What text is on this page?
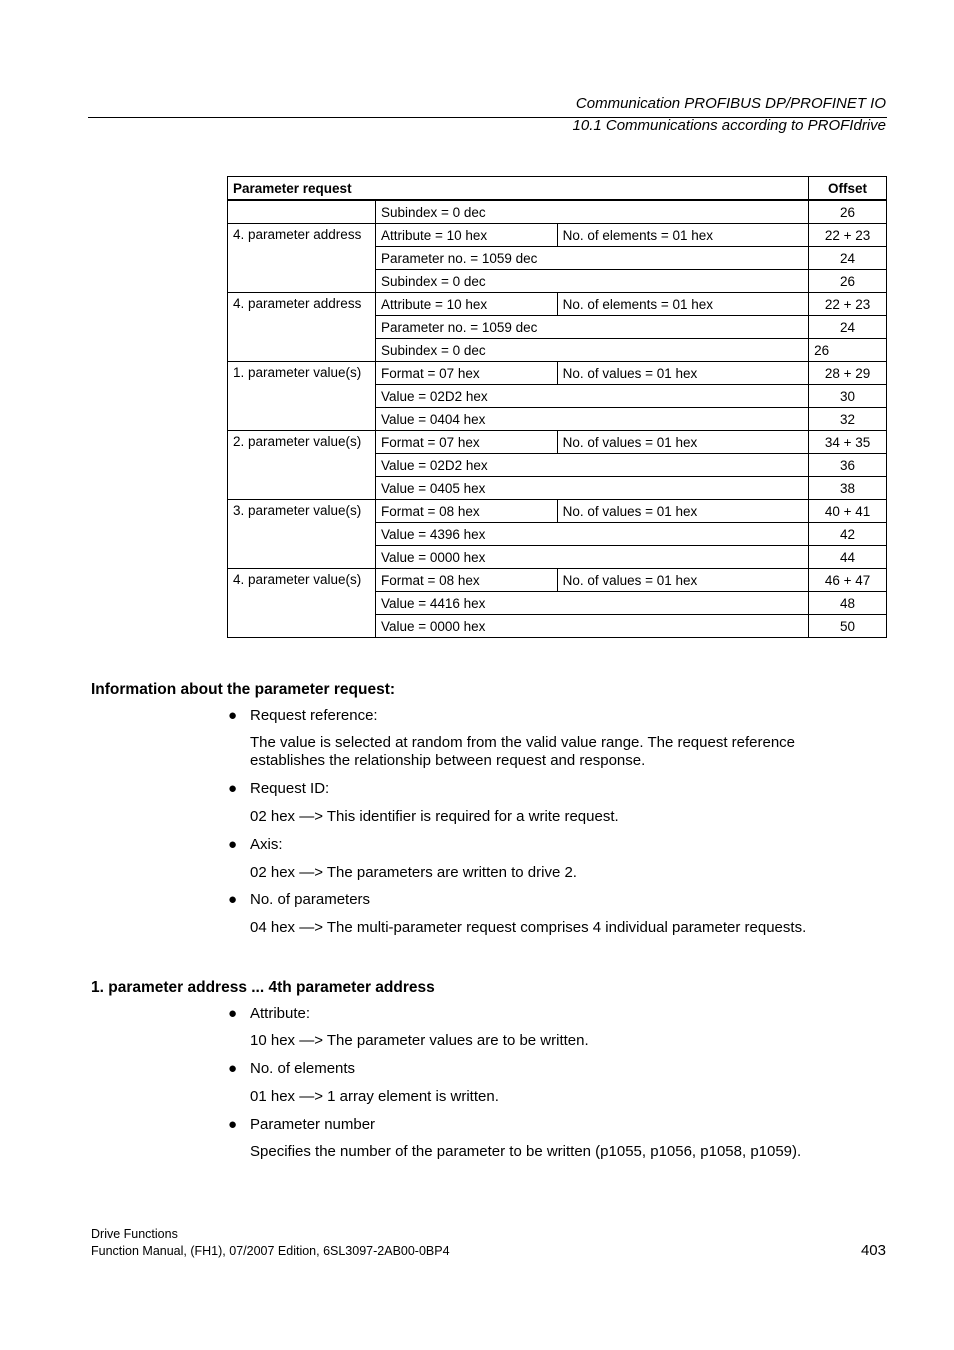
Communication PROFIBUS DP/PROFINET IO
10.1 Communications according to PROFIdrive
Parameter request			Offset
	Subindex = 0 dec		26
4. parameter address	Attribute = 10 hex	No. of elements = 01 hex	22 + 23
	Parameter no. = 1059 dec		24
	Subindex = 0 dec		26
4. parameter address	Attribute = 10 hex	No. of elements = 01 hex	22 + 23
	Parameter no. = 1059 dec		24
	Subindex = 0 dec		26
1. parameter value(s)	Format = 07 hex	No. of values = 01 hex	28 + 29
	Value = 02D2 hex		30
	Value = 0404 hex		32
2. parameter value(s)	Format = 07 hex	No. of values = 01 hex	34 + 35
	Value = 02D2 hex		36
	Value = 0405 hex		38
3. parameter value(s)	Format = 08 hex	No. of values = 01 hex	40 + 41
	Value = 4396 hex		42
	Value = 0000 hex		44
4. parameter value(s)	Format = 08 hex	No. of values = 01 hex	46 + 47
	Value = 4416 hex		48
	Value = 0000 hex		50
Information about the parameter request:
● Request reference:
The value is selected at random from the valid value range. The request reference establishes the relationship between request and response.
● Request ID:
02 hex —> This identifier is required for a write request.
● Axis:
02 hex —> The parameters are written to drive 2.
● No. of parameters
04 hex —> The multi-parameter request comprises 4 individual parameter requests.
1. parameter address ... 4th parameter address
● Attribute:
10 hex —> The parameter values are to be written.
● No. of elements
01 hex —> 1 array element is written.
● Parameter number
Specifies the number of the parameter to be written (p1055, p1056, p1058, p1059).
Drive Functions
Function Manual, (FH1), 07/2007 Edition, 6SL3097-2AB00-0BP4	403
